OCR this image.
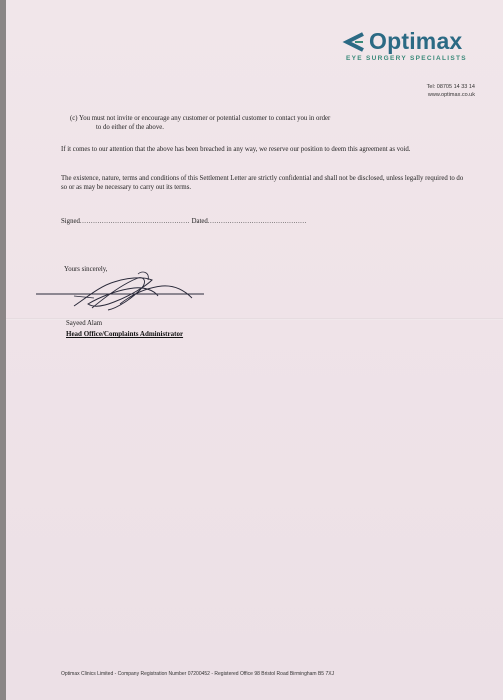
Optimax
EYE SURGERY SPECIALISTS
Tel: 08705 14 33 14
www.optimax.co.uk
(c) You must not invite or encourage any customer or potential customer to contact you in order
to do either of the above.
If it comes to our attention that the above has been breached in any way, we reserve our position to deem this agreement as void.
The existence, nature, terms and conditions of this Settlement Letter are strictly confidential and shall not be disclosed, unless legally required to do so or as may be necessary to carry out its terms.
Signed.................................................. Dated.............................................
Yours sincerely,
Sayeed Alam
Head Office/Complaints Administrator
Optimax Clinics Limited - Company Registration Number 07200452 - Registered Office 98 Bristol Road Birmingham B5 7XJ
